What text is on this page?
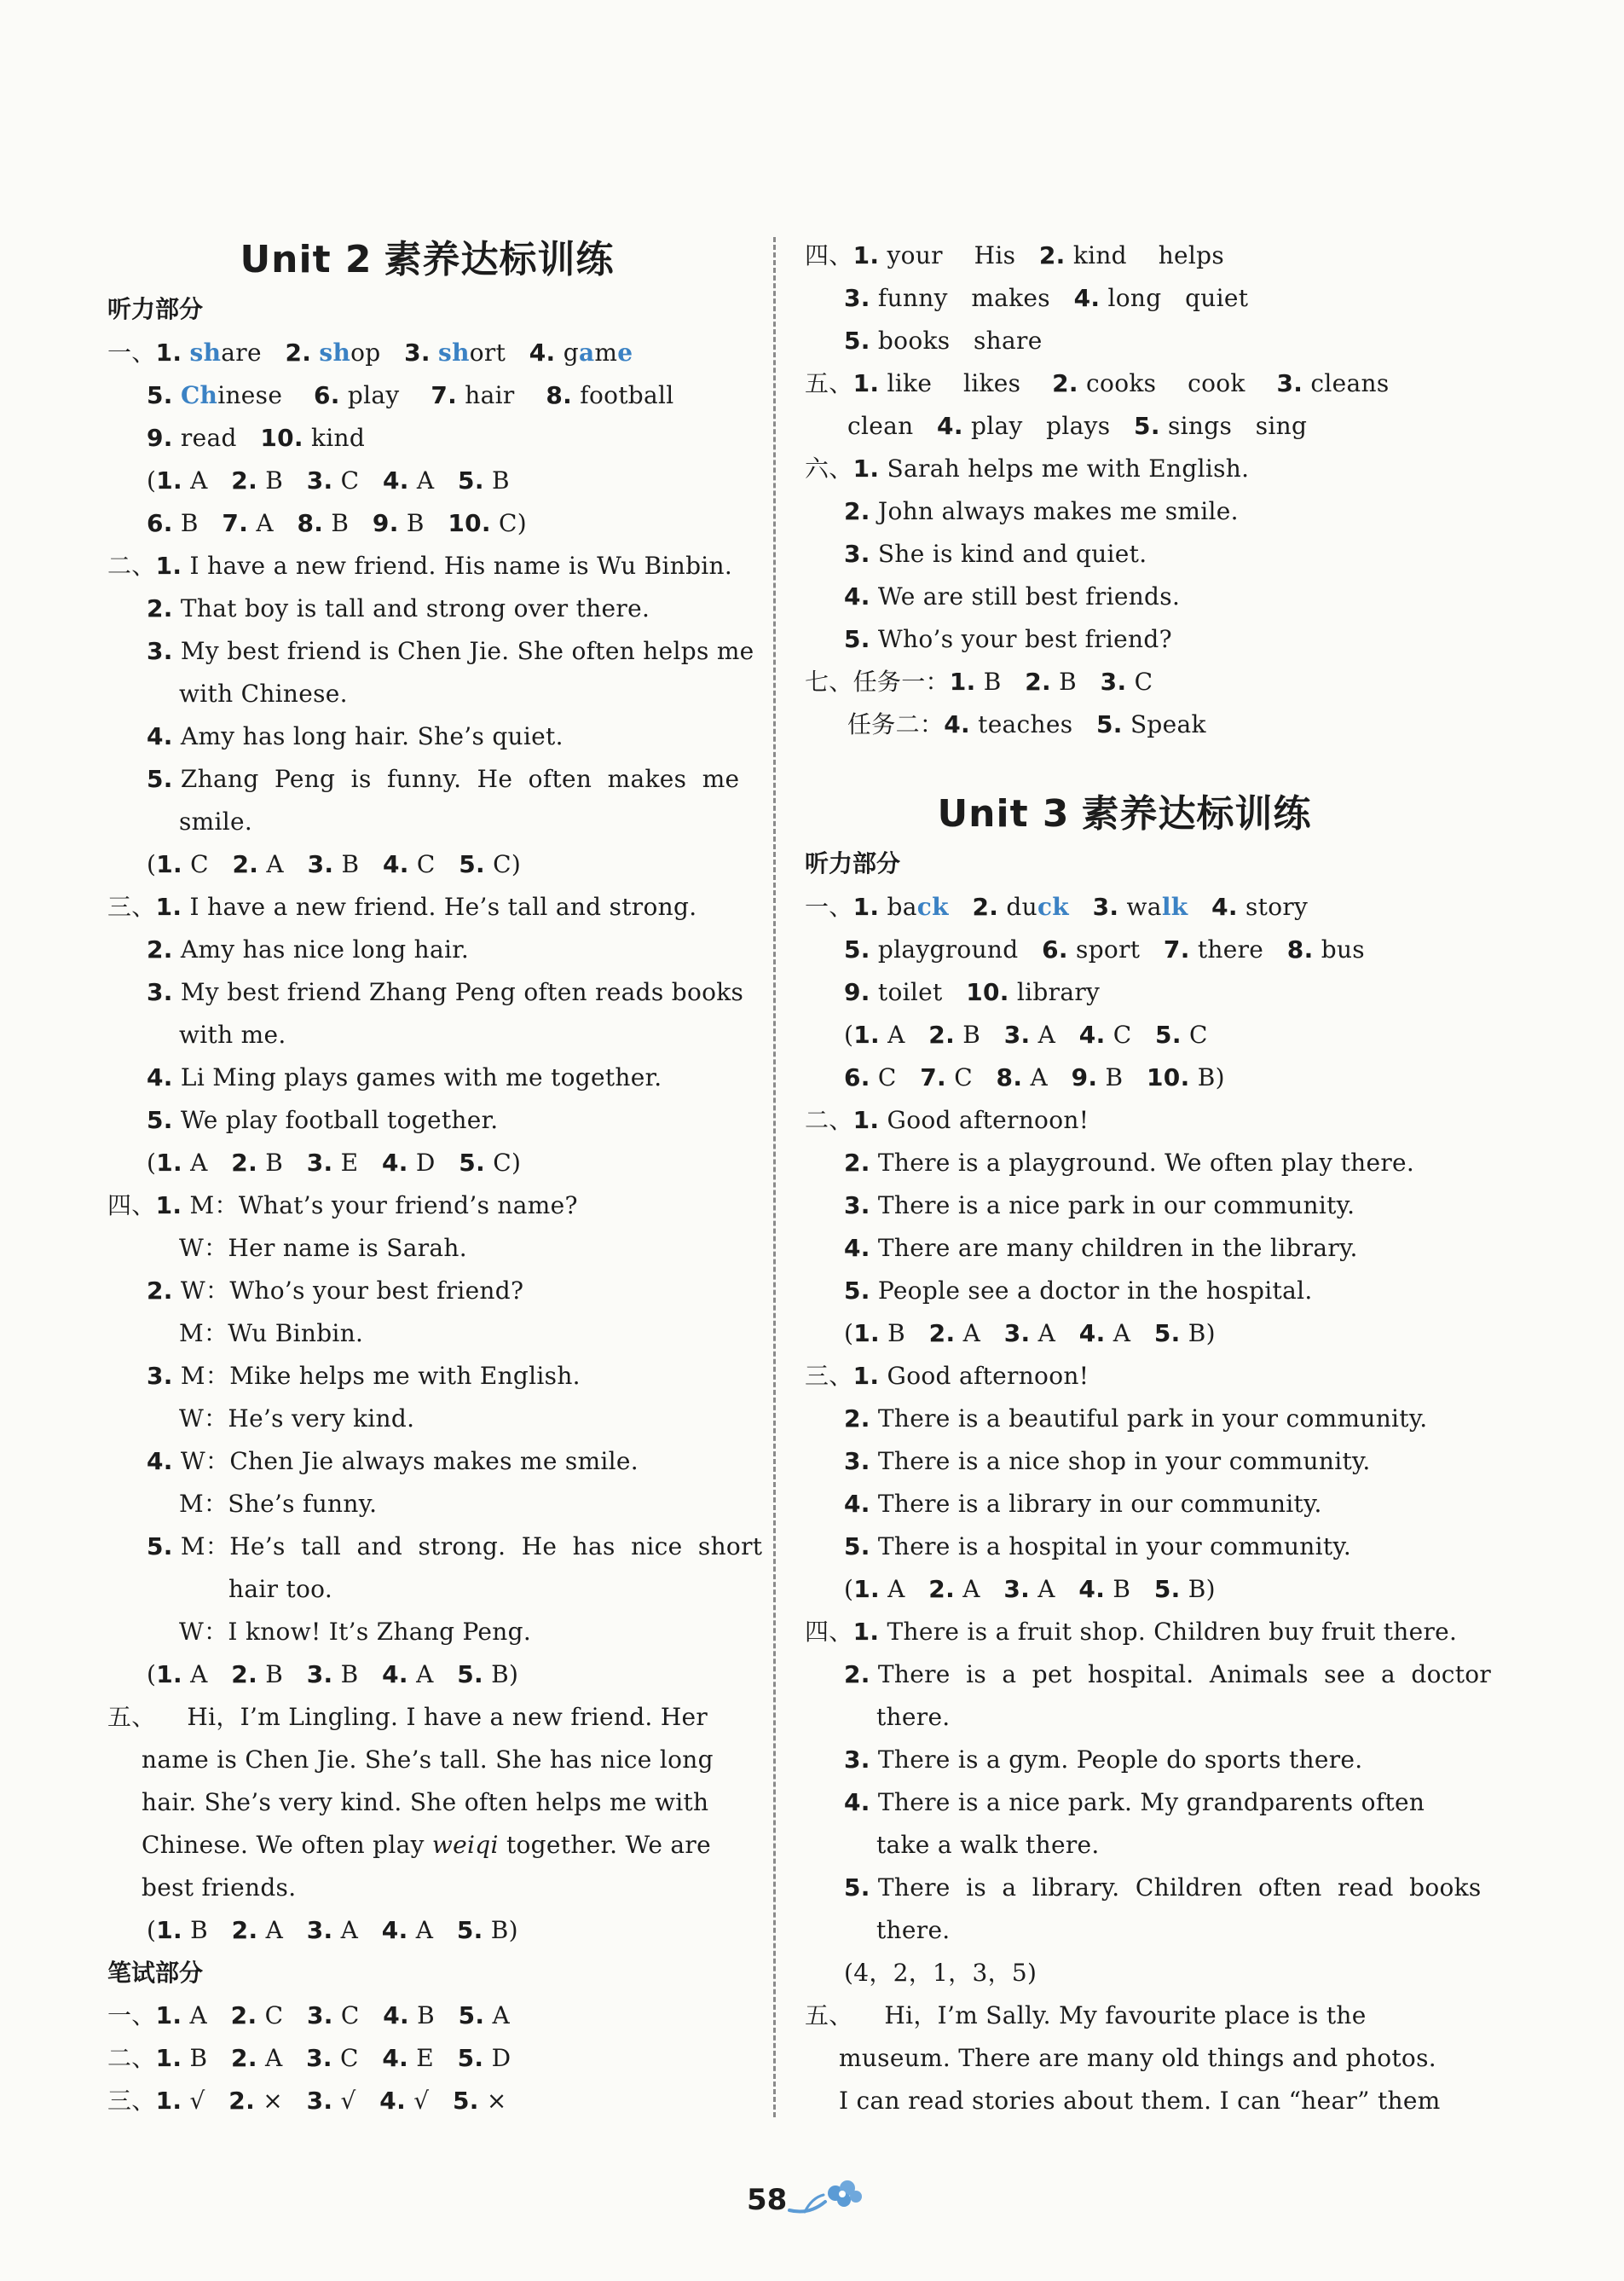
Unit 2 素养达标训练
听力部分
一、1. share   2. shop   3. short   4. game
5. Chinese    6. play    7. hair    8. football
9. read   10. kind
(1. A   2. B   3. C   4. A   5. B
6. B   7. A   8. B   9. B   10. C)
二、1. I have a new friend. His name is Wu Binbin.
2. That boy is tall and strong over there.
3. My best friend is Chen Jie. She often helps me
with Chinese.
4. Amy has long hair. She’s quiet.
5. Zhang  Peng  is  funny.  He  often  makes  me
smile.
(1. C   2. A   3. B   4. C   5. C)
三、1. I have a new friend. He’s tall and strong.
2. Amy has nice long hair.
3. My best friend Zhang Peng often reads books
with me.
4. Li Ming plays games with me together.
5. We play football together.
(1. A   2. B   3. E   4. D   5. C)
四、1. M：What’s your friend’s name?
W：Her name is Sarah.
2. W：Who’s your best friend?
M：Wu Binbin.
3. M：Mike helps me with English.
W：He’s very kind.
4. W：Chen Jie always makes me smile.
M：She’s funny.
5. M：He’s  tall  and  strong.  He  has  nice  short
hair too.
W：I know! It’s Zhang Peng.
(1. A   2. B   3. B   4. A   5. B)
五、    Hi，I’m Lingling. I have a new friend. Her
name is Chen Jie. She’s tall. She has nice long
hair. She’s very kind. She often helps me with
Chinese. We often play weiqi together. We are
best friends.
(1. B   2. A   3. A   4. A   5. B)
笔试部分
一、1. A   2. C   3. C   4. B   5. A
二、1. B   2. A   3. C   4. E   5. D
三、1. √   2. ×   3. √   4. √   5. ×
四、1. your    His   2. kind    helps
3. funny   makes   4. long   quiet
5. books   share
五、1. like    likes    2. cooks    cook    3. cleans
clean   4. play   plays   5. sings   sing
六、1. Sarah helps me with English.
2. John always makes me smile.
3. She is kind and quiet.
4. We are still best friends.
5. Who’s your best friend?
七、任务一：1. B   2. B   3. C
任务二：4. teaches   5. Speak
Unit 3 素养达标训练
听力部分
一、1. back 2. duck 3. walk 4. story
5. playground   6. sport   7. there   8. bus
9. toilet   10. library
(1. A   2. B   3. A   4. C   5. C
6. C   7. C   8. A   9. B   10. B)
二、1. Good afternoon!
2. There is a playground. We often play there.
3. There is a nice park in our community.
4. There are many children in the library.
5. People see a doctor in the hospital.
(1. B   2. A   3. A   4. A   5. B)
三、1. Good afternoon!
2. There is a beautiful park in your community.
3. There is a nice shop in your community.
4. There is a library in our community.
5. There is a hospital in your community.
(1. A   2. A   3. A   4. B   5. B)
四、1. There is a fruit shop. Children buy fruit there.
2. There  is  a  pet  hospital.  Animals  see  a  doctor
there.
3. There is a gym. People do sports there.
4. There is a nice park. My grandparents often
take a walk there.
5. There  is  a  library.  Children  often  read  books
there.
(4，2，1，3，5)
五、    Hi，I’m Sally. My favourite place is the
museum. There are many old things and photos.
I can read stories about them. I can “hear” them
58
